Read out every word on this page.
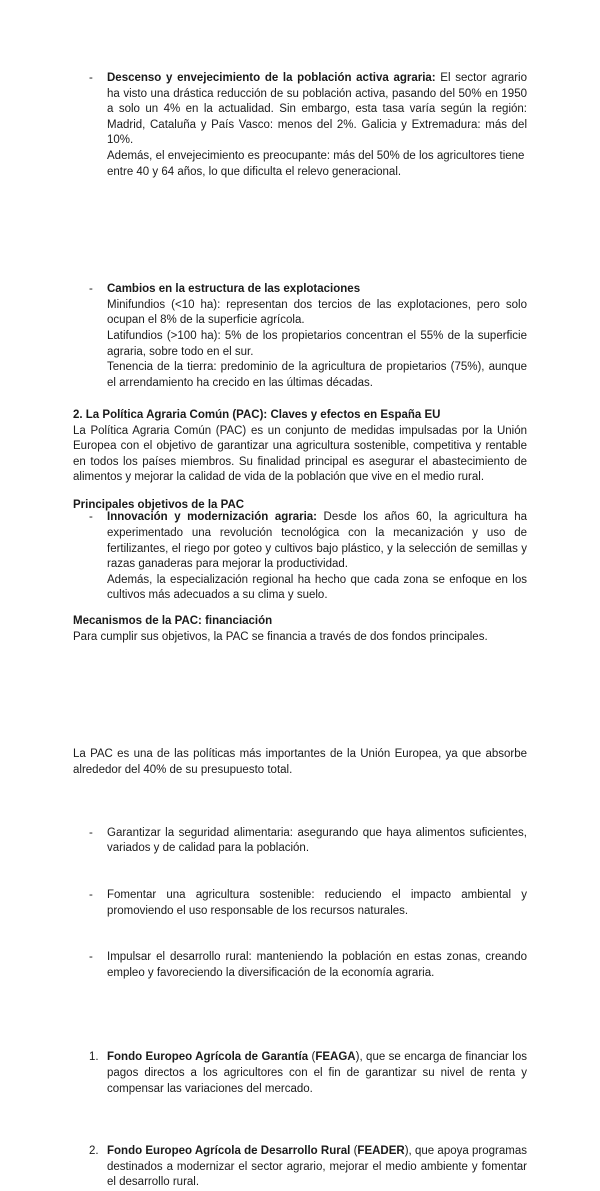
- Descenso y envejecimiento de la población activa agraria: El sector agrario ha visto una drástica reducción de su población activa, pasando del 50% en 1950 a solo un 4% en la actualidad. Sin embargo, esta tasa varía según la región: Madrid, Cataluña y País Vasco: menos del 2%. Galicia y Extremadura: más del 10%.

Además, el envejecimiento es preocupante: más del 50% de los agricultores tiene entre 40 y 64 años, lo que dificulta el relevo generacional.

- Cambios en la estructura de las explotaciones

Minifundios (<10 ha): representan dos tercios de las explotaciones, pero solo ocupan el 8% de la superficie agrícola.

Latifundios (>100 ha): 5% de los propietarios concentran el 55% de la superficie agraria, sobre todo en el sur.

Tenencia de la tierra: predominio de la agricultura de propietarios (75%), aunque el arrendamiento ha crecido en las últimas décadas.

- Innovación y modernización agraria: Desde los años 60, la agricultura ha experimentado una revolución tecnológica con la mecanización y uso de fertilizantes, el riego por goteo y cultivos bajo plástico, y la selección de semillas y razas ganaderas para mejorar la productividad.

Además, la especialización regional ha hecho que cada zona se enfoque en los cultivos más adecuados a su clima y suelo.

2. La Política Agraria Común (PAC): Claves y efectos en España EU

La Política Agraria Común (PAC) es un conjunto de medidas impulsadas por la Unión Europea con el objetivo de garantizar una agricultura sostenible, competitiva y rentable en todos los países miembros. Su finalidad principal es asegurar el abastecimiento de alimentos y mejorar la calidad de vida de la población que vive en el medio rural.

Principales objetivos de la PAC

- Garantizar la seguridad alimentaria: asegurando que haya alimentos suficientes, variados y de calidad para la población.

- Fomentar una agricultura sostenible: reduciendo el impacto ambiental y promoviendo el uso responsable de los recursos naturales.

- Impulsar el desarrollo rural: manteniendo la población en estas zonas, creando empleo y favoreciendo la diversificación de la economía agraria.

Mecanismos de la PAC: financiación

Para cumplir sus objetivos, la PAC se financia a través de dos fondos principales.

1. Fondo Europeo Agrícola de Garantía (FEAGA), que se encarga de financiar los pagos directos a los agricultores con el fin de garantizar su nivel de renta y compensar las variaciones del mercado.

2. Fondo Europeo Agrícola de Desarrollo Rural (FEADER), que apoya programas destinados a modernizar el sector agrario, mejorar el medio ambiente y fomentar el desarrollo rural.

La PAC es una de las políticas más importantes de la Unión Europea, ya que absorbe alrededor del 40% de su presupuesto total.
